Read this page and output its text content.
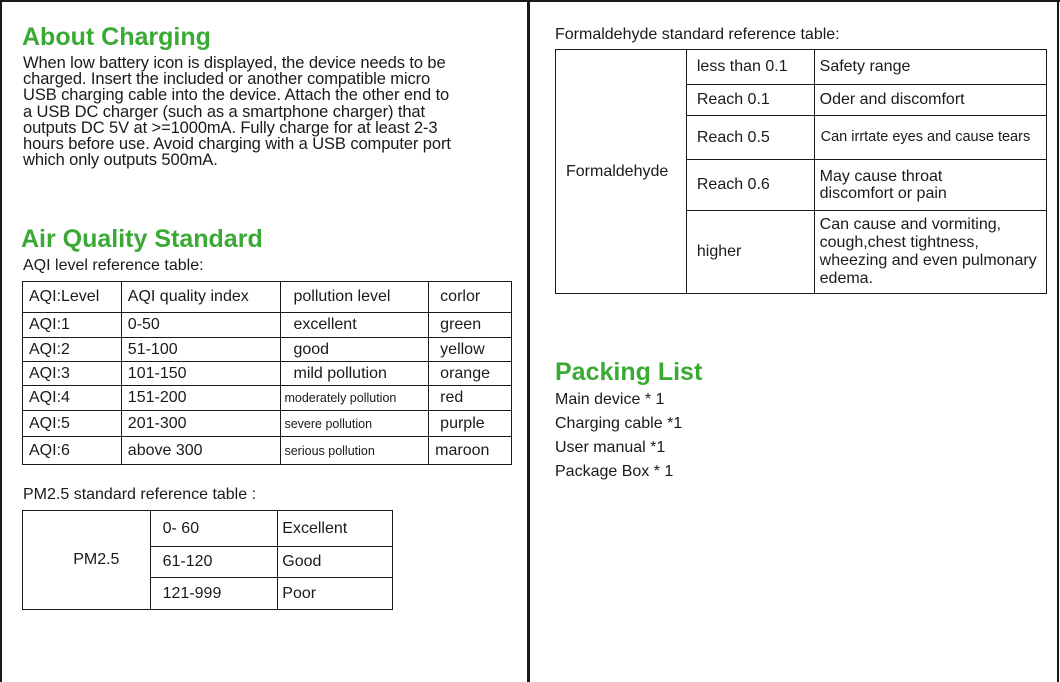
About Charging
When low battery icon is displayed, the device needs to be
charged. Insert the included or another compatible micro
USB charging cable into the device. Attach the other end to
a USB DC charger (such as a smartphone charger) that
outputs DC 5V at >=1000mA. Fully charge for at least 2-3
hours before use. Avoid charging with a USB computer port
which only outputs 500mA.
Air Quality Standard
AQI level reference table:
AQI:Level	AQI quality index	pollution level	corlor
AQI:1	0-50	excellent	green
AQI:2	51-100	good	yellow
AQI:3	101-150	mild pollution	orange
AQI:4	151-200	moderately pollution	red
AQI:5	201-300	severe pollution	purple
AQI:6	above 300	serious pollution	maroon
PM2.5 standard reference table :
PM2.5	0- 60	Excellent
	61-120	Good
	121-999	Poor
Formaldehyde standard reference table:
Formaldehyde	less than 0.1	Safety range
	Reach 0.1	Oder and discomfort
	Reach 0.5	Can irrtate eyes and cause tears
	Reach 0.6	May cause throat discomfort or pain
	higher	Can cause and vormiting, cough,chest tightness, wheezing and even pulmonary edema.
Packing List
Main device * 1
Charging cable *1
User manual *1
Package Box * 1
